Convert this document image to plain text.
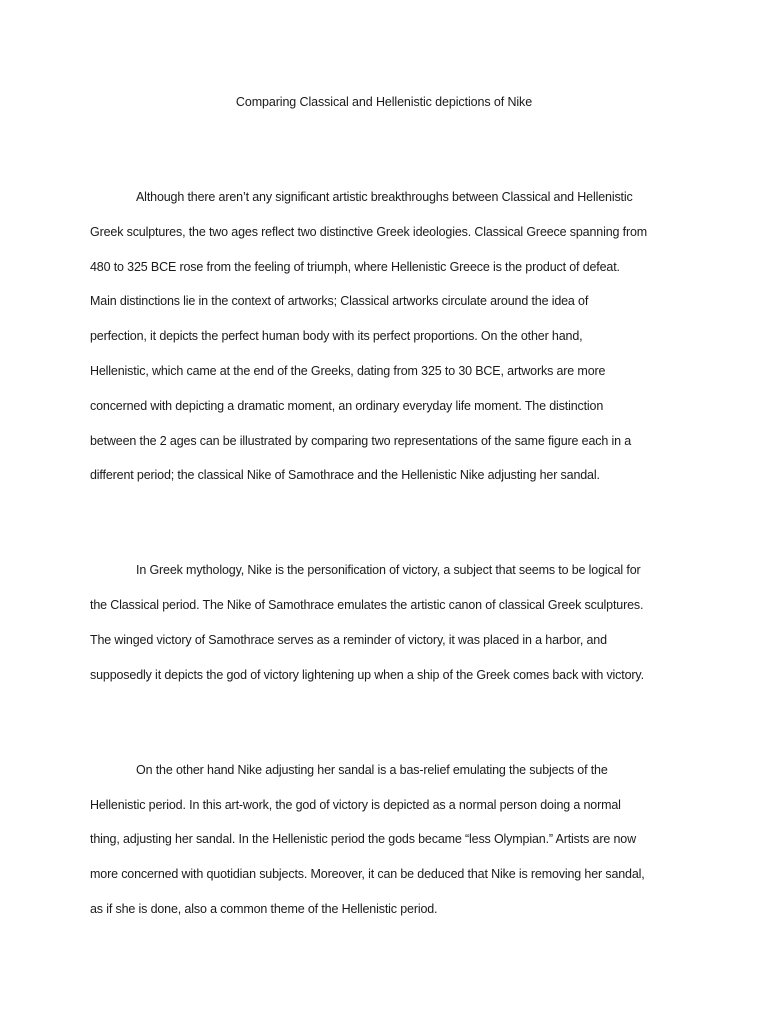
Comparing Classical and Hellenistic depictions of Nike
Although there aren’t any significant artistic breakthroughs between Classical and Hellenistic
Greek sculptures, the two ages reflect two distinctive Greek ideologies. Classical Greece spanning from
480 to 325 BCE rose from the feeling of triumph, where Hellenistic Greece is the product of defeat.
Main distinctions lie in the context of artworks; Classical artworks circulate around the idea of
perfection, it depicts the perfect human body with its perfect proportions. On the other hand,
Hellenistic, which came at the end of the Greeks, dating from 325 to 30 BCE, artworks are more
concerned with depicting a dramatic moment, an ordinary everyday life moment. The distinction
between the 2 ages can be illustrated by comparing two representations of the same figure each in a
different period; the classical Nike of Samothrace and the Hellenistic Nike adjusting her sandal.
In Greek mythology, Nike is the personification of victory, a subject that seems to be logical for
the Classical period. The Nike of Samothrace emulates the artistic canon of classical Greek sculptures.
The winged victory of Samothrace serves as a reminder of victory, it was placed in a harbor, and
supposedly it depicts the god of victory lightening up when a ship of the Greek comes back with victory.
On the other hand Nike adjusting her sandal is a bas-relief emulating the subjects of the
Hellenistic period. In this art-work, the god of victory is depicted as a normal person doing a normal
thing, adjusting her sandal. In the Hellenistic period the gods became “less Olympian.” Artists are now
more concerned with quotidian subjects. Moreover, it can be deduced that Nike is removing her sandal,
as if she is done, also a common theme of the Hellenistic period.
